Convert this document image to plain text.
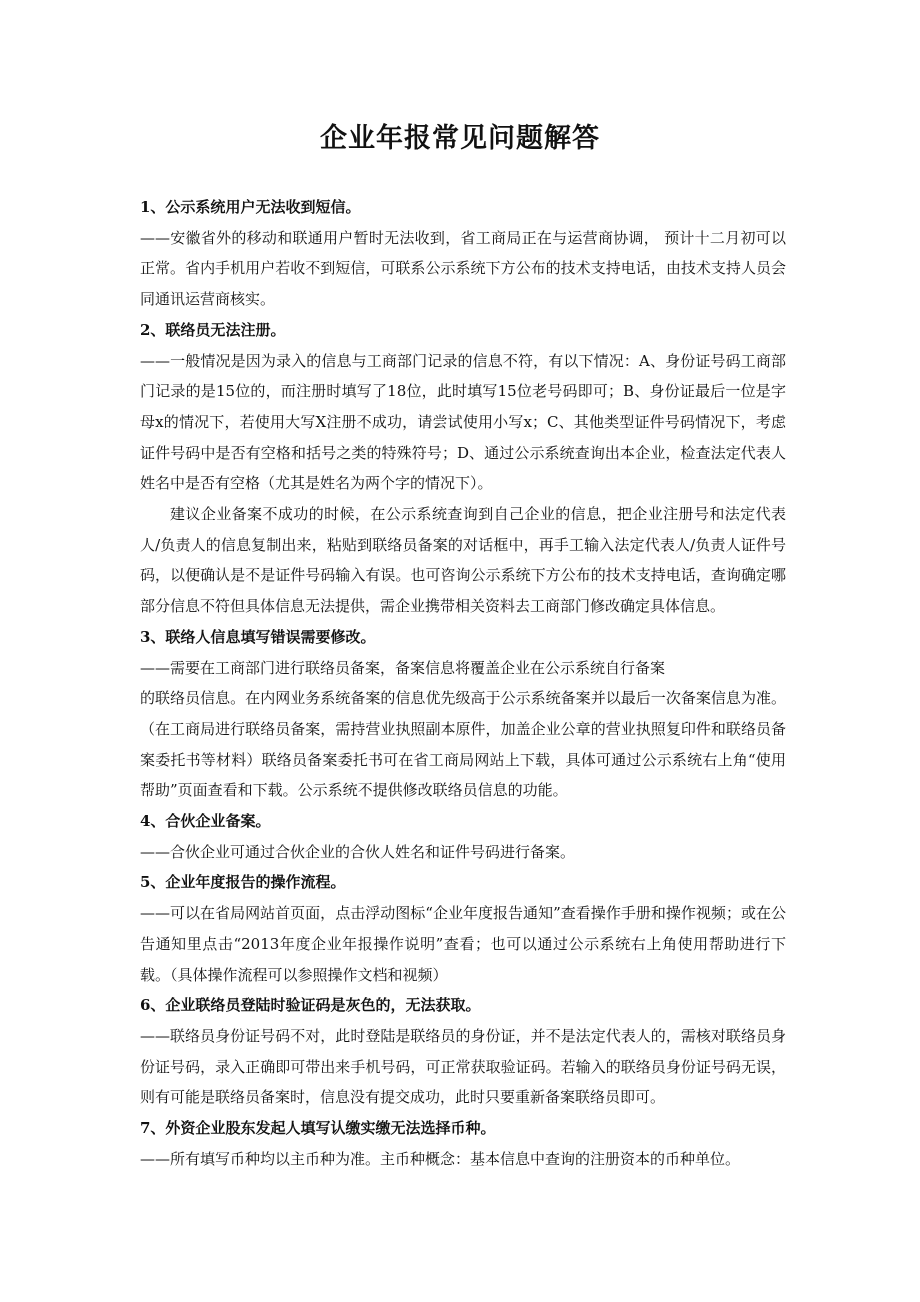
企业年报常见问题解答

1、公示系统用户无法收到短信。

——安徽省外的移动和联通用户暂时无法收到，省工商局正在与运营商协调， 预计十二月初可以正常。省内手机用户若收不到短信，可联系公示系统下方公布的技术支持电话，由技术支持人员会同通讯运营商核实。

2、联络员无法注册。

——一般情况是因为录入的信息与工商部门记录的信息不符，有以下情况：A、身份证号码工商部门记录的是15位的，而注册时填写了18位，此时填写15位老号码即可；B、身份证最后一位是字母x的情况下，若使用大写X注册不成功，请尝试使用小写x；C、其他类型证件号码情况下，考虑证件号码中是否有空格和括号之类的特殊符号；D、通过公示系统查询出本企业，检查法定代表人姓名中是否有空格（尤其是姓名为两个字的情况下）。

建议企业备案不成功的时候，在公示系统查询到自己企业的信息，把企业注册号和法定代表人/负责人的信息复制出来，粘贴到联络员备案的对话框中，再手工输入法定代表人/负责人证件号码，以便确认是不是证件号码输入有误。也可咨询公示系统下方公布的技术支持电话，查询确定哪部分信息不符但具体信息无法提供，需企业携带相关资料去工商部门修改确定具体信息。

3、联络人信息填写错误需要修改。

——需要在工商部门进行联络员备案，备案信息将覆盖企业在公示系统自行备案

的联络员信息。在内网业务系统备案的信息优先级高于公示系统备案并以最后一次备案信息为准。（在工商局进行联络员备案，需持营业执照副本原件，加盖企业公章的营业执照复印件和联络员备案委托书等材料）联络员备案委托书可在省工商局网站上下载，具体可通过公示系统右上角“使用帮助”页面查看和下载。公示系统不提供修改联络员信息的功能。

4、合伙企业备案。

——合伙企业可通过合伙企业的合伙人姓名和证件号码进行备案。

5、企业年度报告的操作流程。

——可以在省局网站首页面，点击浮动图标“企业年度报告通知”查看操作手册和操作视频；或在公告通知里点击“2013年度企业年报操作说明”查看；也可以通过公示系统右上角使用帮助进行下载。（具体操作流程可以参照操作文档和视频）

6、企业联络员登陆时验证码是灰色的，无法获取。

——联络员身份证号码不对，此时登陆是联络员的身份证，并不是法定代表人的，需核对联络员身份证号码，录入正确即可带出来手机号码，可正常获取验证码。若输入的联络员身份证号码无误，则有可能是联络员备案时，信息没有提交成功，此时只要重新备案联络员即可。

7、外资企业股东发起人填写认缴实缴无法选择币种。

——所有填写币种均以主币种为准。主币种概念：基本信息中查询的注册资本的币种单位。
